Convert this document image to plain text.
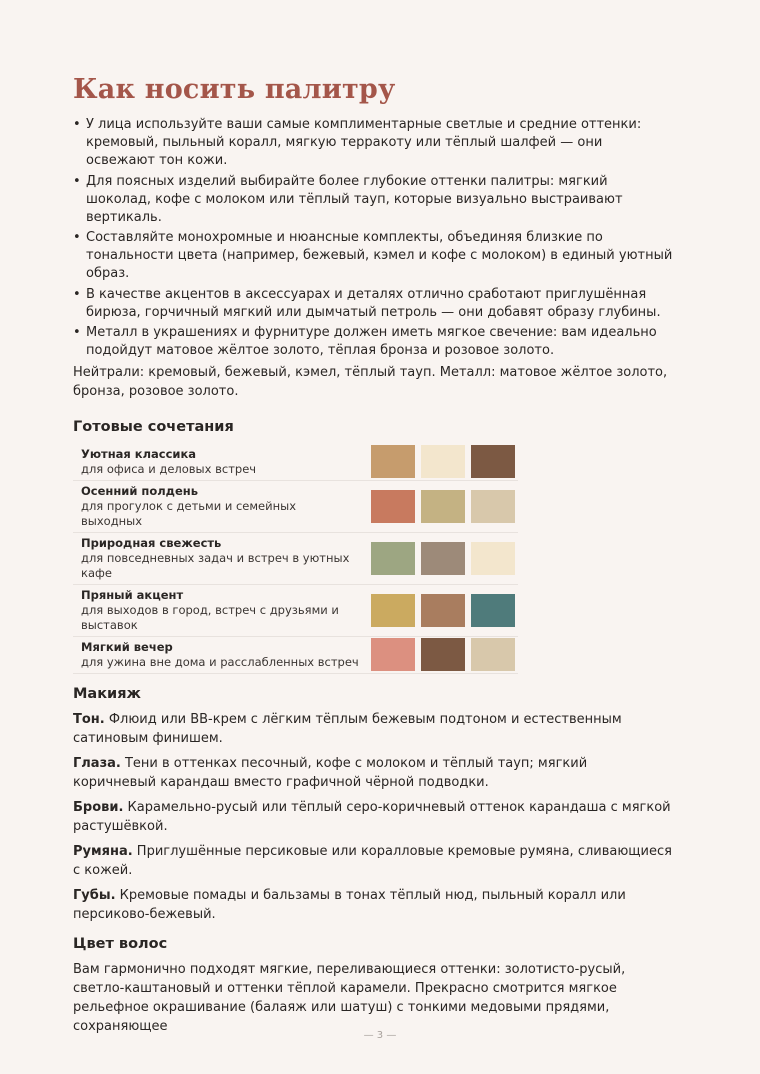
Как носить палитру
• У лица используйте ваши самые комплиментарные светлые и средние оттенки: кремовый, пыльный коралл, мягкую терракоту или тёплый шалфей — они освежают тон кожи.
• Для поясных изделий выбирайте более глубокие оттенки палитры: мягкий шоколад, кофе с молоком или тёплый тауп, которые визуально выстраивают вертикаль.
• Составляйте монохромные и нюансные комплекты, объединяя близкие по тональности цвета (например, бежевый, кэмел и кофе с молоком) в единый уютный образ.
• В качестве акцентов в аксессуарах и деталях отлично сработают приглушённая бирюза, горчичный мягкий или дымчатый петроль — они добавят образу глубины.
• Металл в украшениях и фурнитуре должен иметь мягкое свечение: вам идеально подойдут матовое жёлтое золото, тёплая бронза и розовое золото.

Нейтрали: кремовый, бежевый, кэмел, тёплый тауп. Металл: матовое жёлтое золото, бронза, розовое золото.

Готовые сочетания
Уютная классика
для офиса и деловых встреч			

Осенний полдень
для прогулок с детьми и семейных выходных			

Природная свежесть
для повседневных задач и встреч в уютных кафе			

Пряный акцент
для выходов в город, встреч с друзьями и выставок			

Мягкий вечер
для ужина вне дома и расслабленных встреч			

Макияж

Тон. Флюид или BB-крем с лёгким тёплым бежевым подтоном и естественным сатиновым финишем.

Глаза. Тени в оттенках песочный, кофе с молоком и тёплый тауп; мягкий коричневый карандаш вместо графичной чёрной подводки.

Брови. Карамельно-русый или тёплый серо-коричневый оттенок карандаша с мягкой растушёвкой.

Румяна. Приглушённые персиковые или коралловые кремовые румяна, сливающиеся с кожей.

Губы. Кремовые помады и бальзамы в тонах тёплый нюд, пыльный коралл или персиково-бежевый.

Цвет волос

Вам гармонично подходят мягкие, переливающиеся оттенки: золотисто-русый, светло-каштановый и оттенки тёплой карамели. Прекрасно смотрится мягкое рельефное окрашивание (балаяж или шатуш) с тонкими медовыми прядями, сохраняющее

— 3 —
